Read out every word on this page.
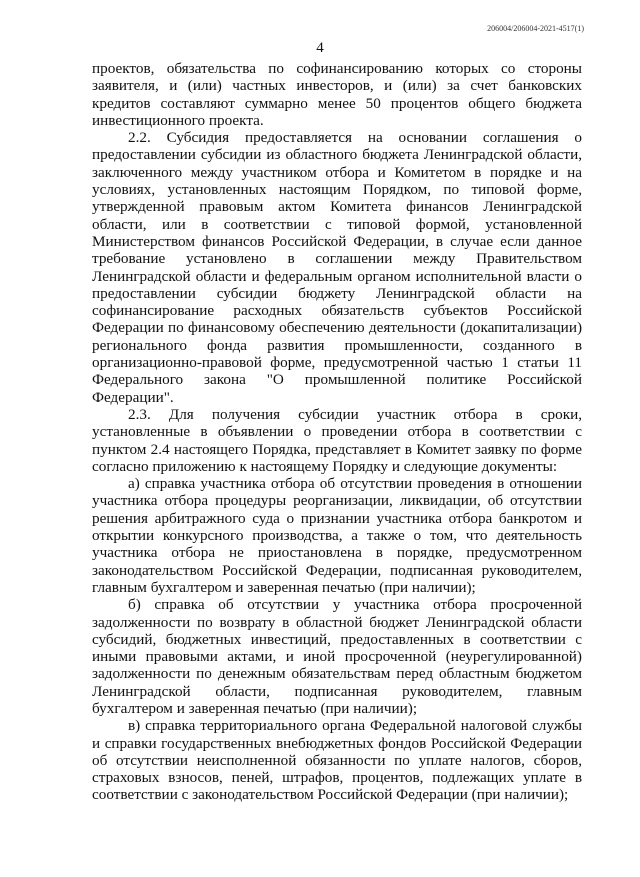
206004/206004-2021-4517(1)
4

проектов, обязательства по софинансированию которых со стороны заявителя, и (или) частных инвесторов, и (или) за счет банковских кредитов составляют суммарно менее 50 процентов общего бюджета инвестиционного проекта.

2.2. Субсидия предоставляется на основании соглашения о предоставлении субсидии из областного бюджета Ленинградской области, заключенного между участником отбора и Комитетом в порядке и на условиях, установленных настоящим Порядком, по типовой форме, утвержденной правовым актом Комитета финансов Ленинградской области, или в соответствии с типовой формой, установленной Министерством финансов Российской Федерации, в случае если данное требование установлено в соглашении между Правительством Ленинградской области и федеральным органом исполнительной власти о предоставлении субсидии бюджету Ленинградской области на софинансирование расходных обязательств субъектов Российской Федерации по финансовому обеспечению деятельности (докапитализации) регионального фонда развития промышленности, созданного в организационно-правовой форме, предусмотренной частью 1 статьи 11 Федерального закона "О промышленной политике Российской Федерации".

2.3. Для получения субсидии участник отбора в сроки, установленные в объявлении о проведении отбора в соответствии с пунктом 2.4 настоящего Порядка, представляет в Комитет заявку по форме согласно приложению к настоящему Порядку и следующие документы:

а) справка участника отбора об отсутствии проведения в отношении участника отбора процедуры реорганизации, ликвидации, об отсутствии решения арбитражного суда о признании участника отбора банкротом и открытии конкурсного производства, а также о том, что деятельность участника отбора не приостановлена в порядке, предусмотренном законодательством Российской Федерации, подписанная руководителем, главным бухгалтером и заверенная печатью (при наличии);

б) справка об отсутствии у участника отбора просроченной задолженности по возврату в областной бюджет Ленинградской области субсидий, бюджетных инвестиций, предоставленных в соответствии с иными правовыми актами, и иной просроченной (неурегулированной) задолженности по денежным обязательствам перед областным бюджетом Ленинградской области, подписанная руководителем, главным бухгалтером и заверенная печатью (при наличии);

в) справка территориального органа Федеральной налоговой службы и справки государственных внебюджетных фондов Российской Федерации об отсутствии неисполненной обязанности по уплате налогов, сборов, страховых взносов, пеней, штрафов, процентов, подлежащих уплате в соответствии с законодательством Российской Федерации (при наличии);
